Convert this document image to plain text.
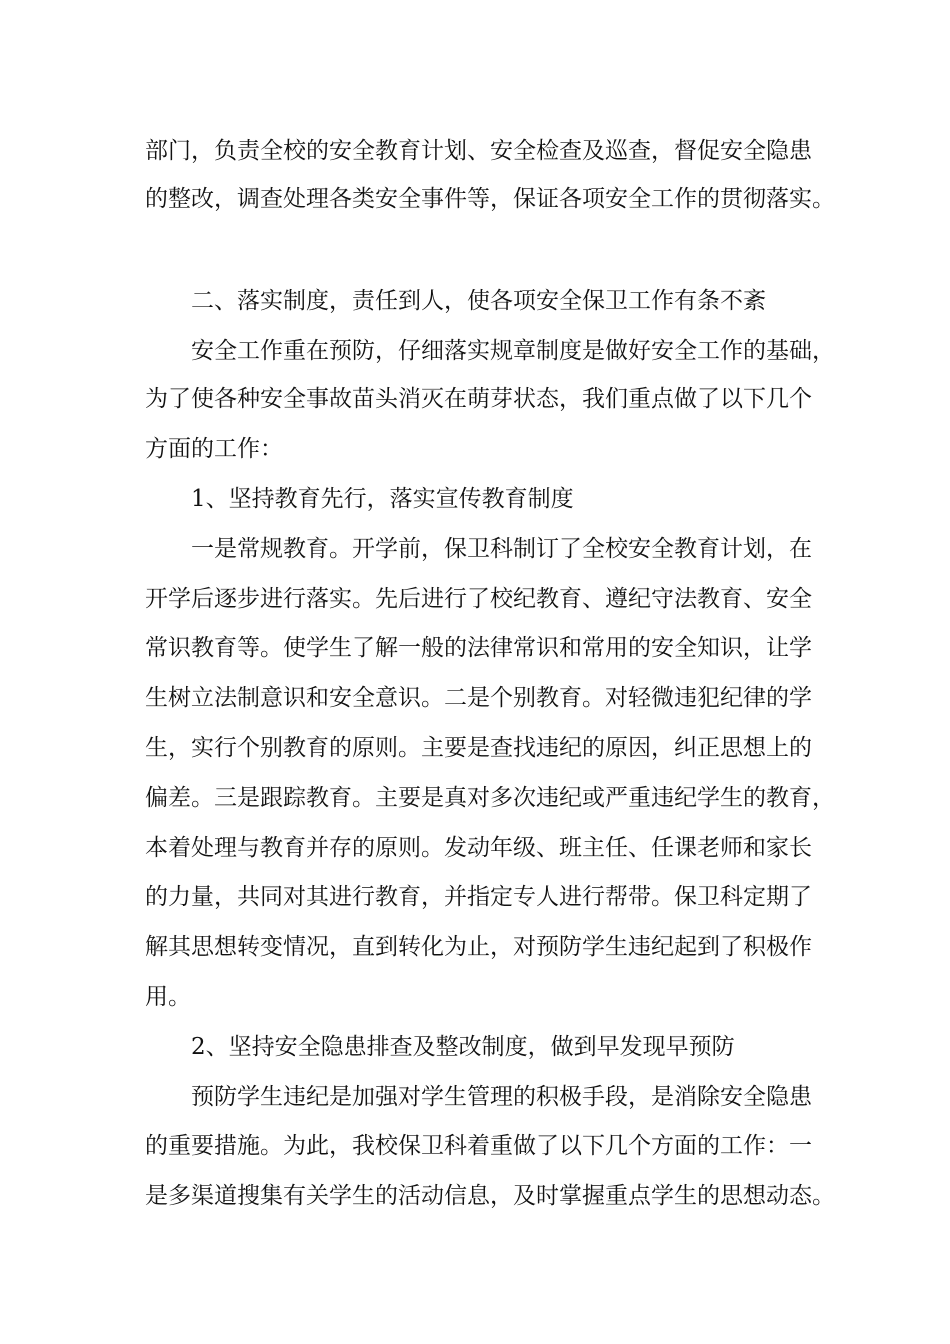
部门，负责全校的安全教育计划、安全检查及巡查，督促安全隐患
的整改，调查处理各类安全事件等，保证各项安全工作的贯彻落实。
二、落实制度，责任到人，使各项安全保卫工作有条不紊
安全工作重在预防，仔细落实规章制度是做好安全工作的基础，
为了使各种安全事故苗头消灭在萌芽状态，我们重点做了以下几个
方面的工作：
1、坚持教育先行，落实宣传教育制度
一是常规教育。开学前，保卫科制订了全校安全教育计划，在
开学后逐步进行落实。先后进行了校纪教育、遵纪守法教育、安全
常识教育等。使学生了解一般的法律常识和常用的安全知识，让学
生树立法制意识和安全意识。二是个别教育。对轻微违犯纪律的学
生，实行个别教育的原则。主要是查找违纪的原因，纠正思想上的
偏差。三是跟踪教育。主要是真对多次违纪或严重违纪学生的教育，
本着处理与教育并存的原则。发动年级、班主任、任课老师和家长
的力量，共同对其进行教育，并指定专人进行帮带。保卫科定期了
解其思想转变情况，直到转化为止，对预防学生违纪起到了积极作
用。
2、坚持安全隐患排查及整改制度，做到早发现早预防
预防学生违纪是加强对学生管理的积极手段，是消除安全隐患
的重要措施。为此，我校保卫科着重做了以下几个方面的工作：一
是多渠道搜集有关学生的活动信息，及时掌握重点学生的思想动态。
